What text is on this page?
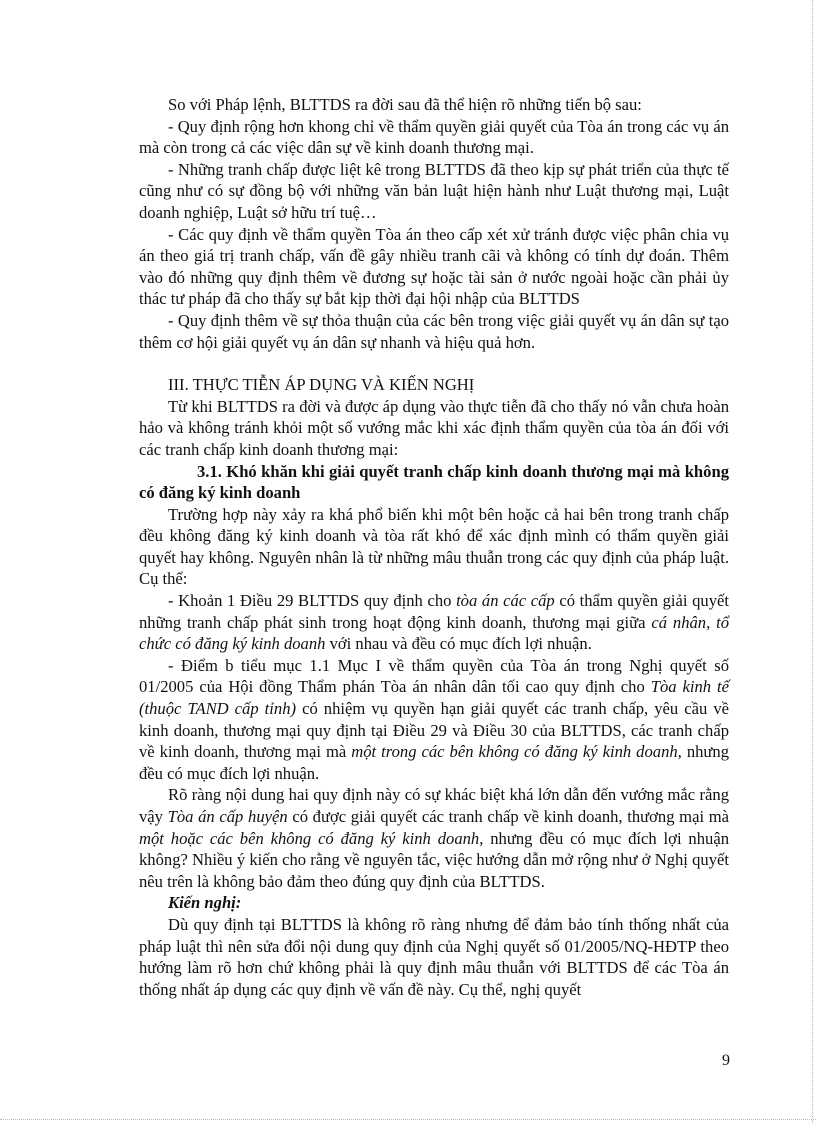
So với Pháp lệnh, BLTTDS ra đời sau đã thể hiện rõ những tiến bộ sau:

- Quy định rộng hơn khong chỉ về thẩm quyền giải quyết của Tòa án trong các vụ án mà còn trong cả các việc dân sự về kinh doanh thương mại.

- Những tranh chấp được liệt kê trong BLTTDS đã theo kịp sự phát triển của thực tế cũng như có sự đồng bộ với những văn bản luật hiện hành như Luật thương mại, Luật doanh nghiệp, Luật sở hữu trí tuệ…

- Các quy định về thẩm quyền Tòa án theo cấp xét xử tránh được việc phân chia vụ án theo giá trị tranh chấp, vấn đề gây nhiều tranh cãi và không có tính dự đoán. Thêm vào đó những quy định thêm về đương sự hoặc tài sản ở nước ngoài hoặc cần phải ủy thác tư pháp đã cho thấy sự bắt kịp thời đại hội nhập của BLTTDS

- Quy định thêm về sự thỏa thuận của các bên trong việc giải quyết vụ án dân sự tạo thêm cơ hội giải quyết vụ án dân sự nhanh và hiệu quả hơn.

III. THỰC TIỄN ÁP DỤNG VÀ KIẾN NGHỊ

Từ khi BLTTDS ra đời và được áp dụng vào thực tiễn đã cho thấy nó vẫn chưa hoàn hảo và không tránh khỏi một số vướng mắc khi xác định thẩm quyền của tòa án đối với các tranh chấp kinh doanh thương mại:

3.1. Khó khăn khi giải quyết tranh chấp kinh doanh thương mại mà không có đăng ký kinh doanh

Trường hợp này xảy ra khá phổ biến khi một bên hoặc cả hai bên trong tranh chấp đều không đăng ký kinh doanh và tòa rất khó để xác định mình có thẩm quyền giải quyết hay không. Nguyên nhân là từ những mâu thuẫn trong các quy định của pháp luật. Cụ thể:

- Khoản 1 Điều 29 BLTTDS quy định cho tòa án các cấp có thẩm quyền giải quyết những tranh chấp phát sinh trong hoạt động kinh doanh, thương mại giữa cá nhân, tổ chức có đăng ký kinh doanh với nhau và đều có mục đích lợi nhuận.

- Điểm b tiểu mục 1.1 Mục I về thẩm quyền của Tòa án trong Nghị quyết số 01/2005 của Hội đồng Thẩm phán Tòa án nhân dân tối cao quy định cho Tòa kinh tế (thuộc TAND cấp tỉnh) có nhiệm vụ quyền hạn giải quyết các tranh chấp, yêu cầu về kinh doanh, thương mại quy định tại Điều 29 và Điều 30 của BLTTDS, các tranh chấp về kinh doanh, thương mại mà một trong các bên không có đăng ký kinh doanh, nhưng đều có mục đích lợi nhuận.

Rõ ràng nội dung hai quy định này có sự khác biệt khá lớn dẫn đến vướng mắc rằng vậy Tòa án cấp huyện có được giải quyết các tranh chấp về kinh doanh, thương mại mà một hoặc các bên không có đăng ký kinh doanh, nhưng đều có mục đích lợi nhuận không? Nhiều ý kiến cho rằng về nguyên tắc, việc hướng dẫn mở rộng như ở Nghị quyết nêu trên là không bảo đảm theo đúng quy định của BLTTDS.

Kiến nghị:

Dù quy định tại BLTTDS là không rõ ràng nhưng để đảm bảo tính thống nhất của pháp luật thì nên sửa đổi nội dung quy định của Nghị quyết số 01/2005/NQ-HĐTP theo hướng làm rõ hơn chứ không phải là quy định mâu thuẫn với BLTTDS để các Tòa án thống nhất áp dụng các quy định về vấn đề này. Cụ thể, nghị quyết

9
